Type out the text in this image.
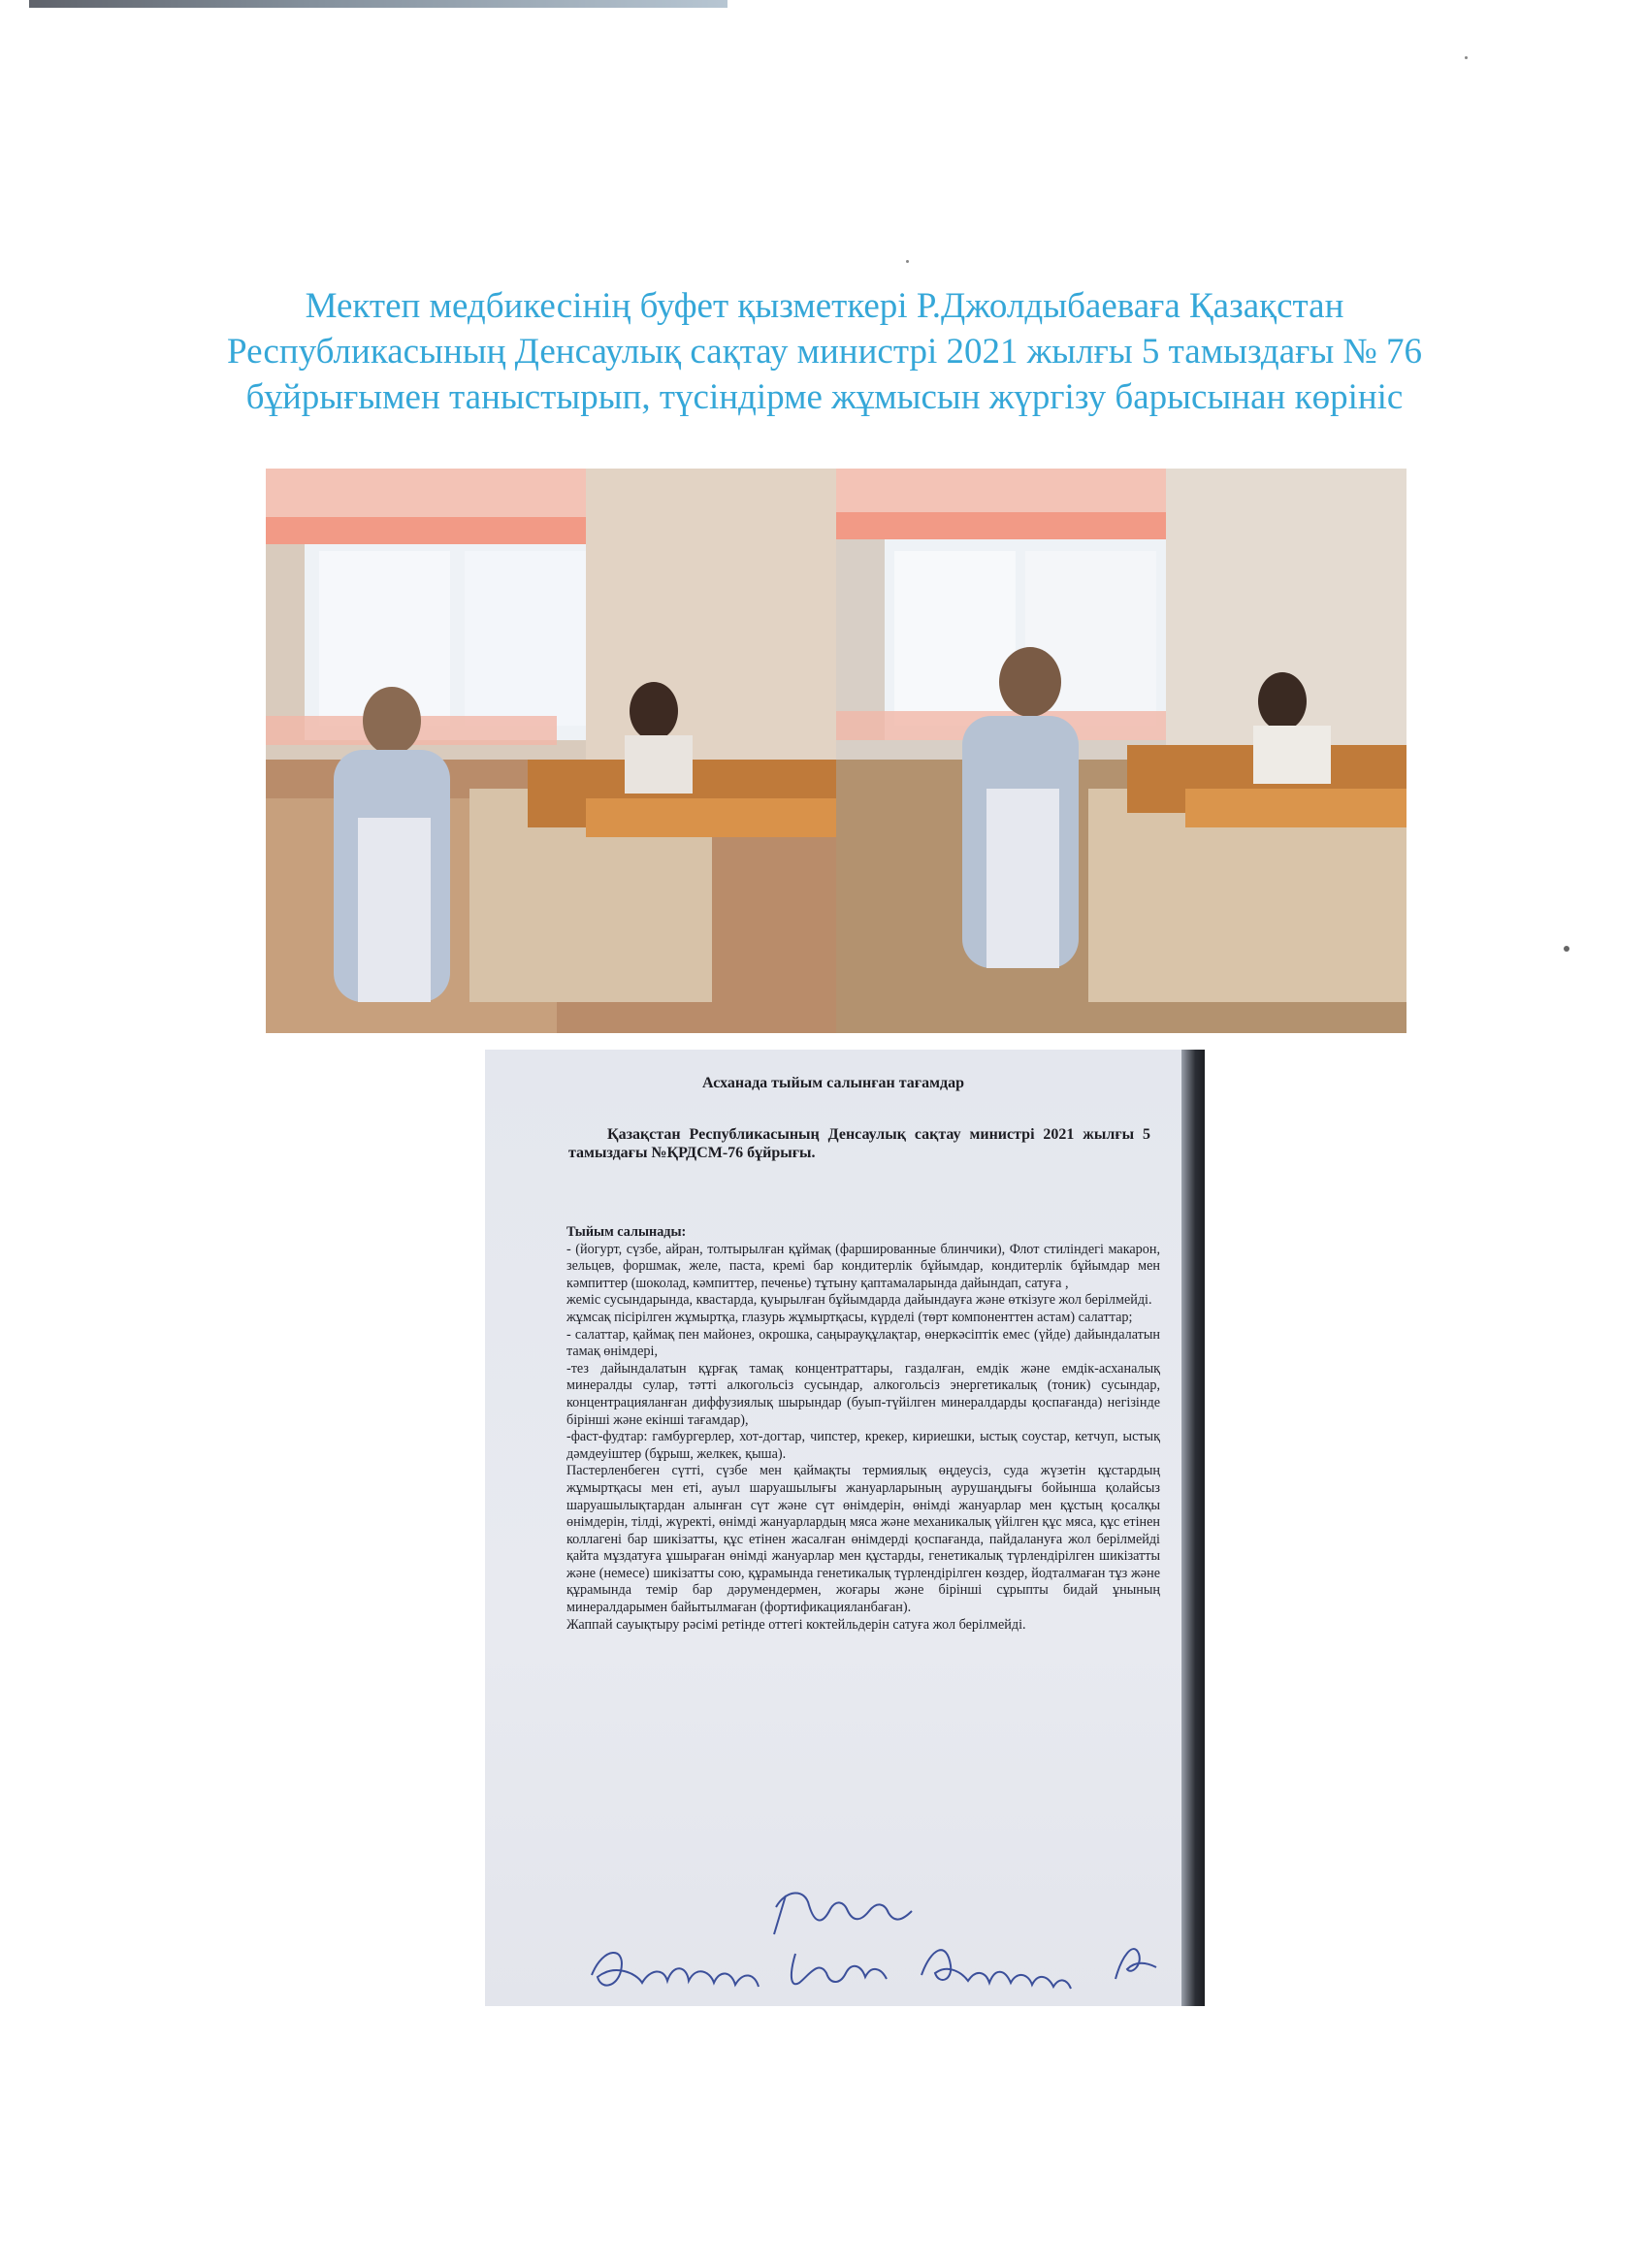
Мектеп медбикесінің буфет қызметкері Р.Джолдыбаеваға Қазақстан
Республикасының Денсаулық сақтау министрі 2021 жылғы 5 тамыздағы № 76
бұйрығымен таныстырып, түсіндірме жұмысын жүргізу барысынан көрініс
Асханада тыйым салынған тағамдар
Қазақстан Республикасының Денсаулық сақтау министрі 2021 жылғы 5 тамыздағы №ҚРДСМ-76 бұйрығы.

Тыйым салынады:

- (йогурт, сүзбе, айран, толтырылған құймақ (фаршированные блинчики), Флот стиліндегі макарон, зельцев, форшмак, желе, паста, кремі бар кондитерлік бұйымдар, кондитерлік бұйымдар мен кәмпиттер (шоколад, кәмпиттер, печенье) тұтыну қаптамаларында дайындап, сатуға ,

жеміс сусындарында, квастарда, қуырылған бұйымдарда дайындауға және өткізуге жол берілмейді.

жұмсақ пісірілген жұмыртқа, глазурь жұмыртқасы, күрделі (төрт компоненттен астам) салаттар;

- салаттар, қаймақ пен майонез, окрошка, саңырауқұлақтар, өнеркәсіптік емес (үйде) дайындалатын тамақ өнімдері,

-тез дайындалатын құрғақ тамақ концентраттары, газдалған, емдік және емдік-асханалық минералды сулар, тәтті алкогольсіз сусындар, алкогольсіз энергетикалық (тоник) сусындар, концентрацияланған диффузиялық шырындар (буып-түйілген минералдарды қоспағанда) негізінде бірінші және екінші тағамдар),

-фаст-фудтар: гамбургерлер, хот-догтар, чипстер, крекер, кириешки, ыстық соустар, кетчуп, ыстық дәмдеуіштер (бұрыш, желкек, қыша).

Пастерленбеген сүтті, сүзбе мен қаймақты термиялық өңдеусіз, суда жүзетін құстардың жұмыртқасы мен еті, ауыл шаруашылығы жануарларының аурушаңдығы бойынша қолайсыз шаруашылықтардан алынған сүт және сүт өнімдерін, өнімді жануарлар мен құстың қосалқы өнімдерін, тілді, жүректі, өнімді жануарлардың мяса және механикалық үйілген құс мяса, құс етінен коллагені бар шикізатты, құс етінен жасалған өнімдерді қоспағанда, пайдалануға жол берілмейді қайта мұздатуға ұшыраған өнімді жануарлар мен құстарды, генетикалық түрлендірілген шикізатты және (немесе) шикізатты сою, құрамында генетикалық түрлендірілген көздер, йодталмаған тұз және құрамында темір бар дәрумендермен, жоғары және бірінші сұрыпты бидай ұнының минералдарымен байытылмаған (фортификацияланбаған).

Жаппай сауықтыру рәсімі ретінде оттегі коктейльдерін сатуға жол берілмейді.
